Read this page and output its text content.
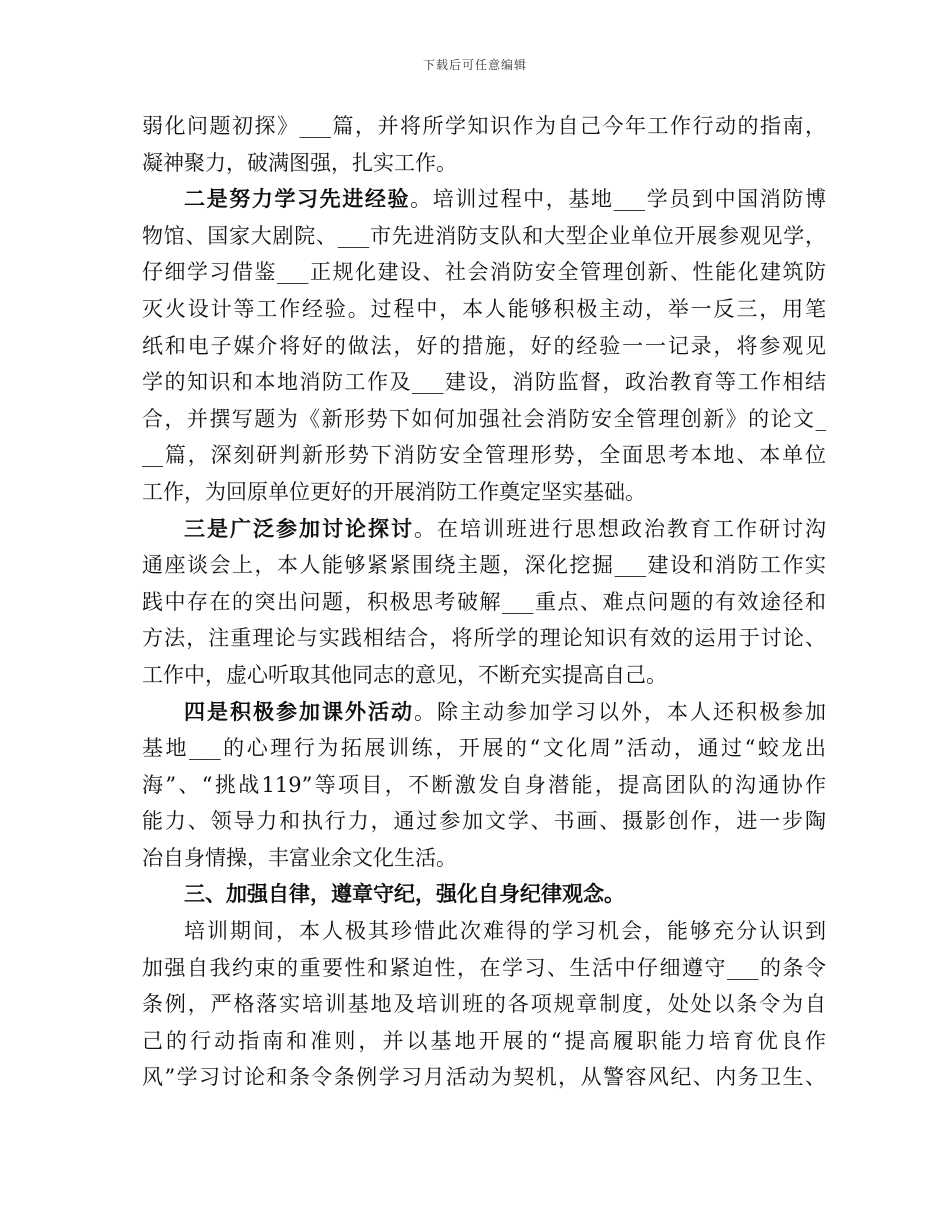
下载后可任意编辑
弱化问题初探》___篇，并将所学知识作为自己今年工作行动的指南，
凝神聚力，破满图强，扎实工作。
二是努力学习先进经验。培训过程中，基地___学员到中国消防博
物馆、国家大剧院、___市先进消防支队和大型企业单位开展参观见学，
仔细学习借鉴___正规化建设、社会消防安全管理创新、性能化建筑防
灭火设计等工作经验。过程中，本人能够积极主动，举一反三，用笔
纸和电子媒介将好的做法，好的措施，好的经验一一记录，将参观见
学的知识和本地消防工作及___建设，消防监督，政治教育等工作相结
合，并撰写题为《新形势下如何加强社会消防安全管理创新》的论文_
__篇，深刻研判新形势下消防安全管理形势，全面思考本地、本单位
工作，为回原单位更好的开展消防工作奠定坚实基础。
三是广泛参加讨论探讨。在培训班进行思想政治教育工作研讨沟
通座谈会上，本人能够紧紧围绕主题，深化挖掘___建设和消防工作实
践中存在的突出问题，积极思考破解___重点、难点问题的有效途径和
方法，注重理论与实践相结合，将所学的理论知识有效的运用于讨论、
工作中，虚心听取其他同志的意见，不断充实提高自己。
四是积极参加课外活动。除主动参加学习以外，本人还积极参加
基地___的心理行为拓展训练，开展的“文化周”活动，通过“蛟龙出
海”、“挑战119”等项目，不断激发自身潜能，提高团队的沟通协作
能力、领导力和执行力，通过参加文学、书画、摄影创作，进一步陶
冶自身情操，丰富业余文化生活。
三、加强自律，遵章守纪，强化自身纪律观念。
培训期间，本人极其珍惜此次难得的学习机会，能够充分认识到
加强自我约束的重要性和紧迫性，在学习、生活中仔细遵守___的条令
条例，严格落实培训基地及培训班的各项规章制度，处处以条令为自
己的行动指南和准则，并以基地开展的“提高履职能力培育优良作
风”学习讨论和条令条例学习月活动为契机，从警容风纪、内务卫生、
